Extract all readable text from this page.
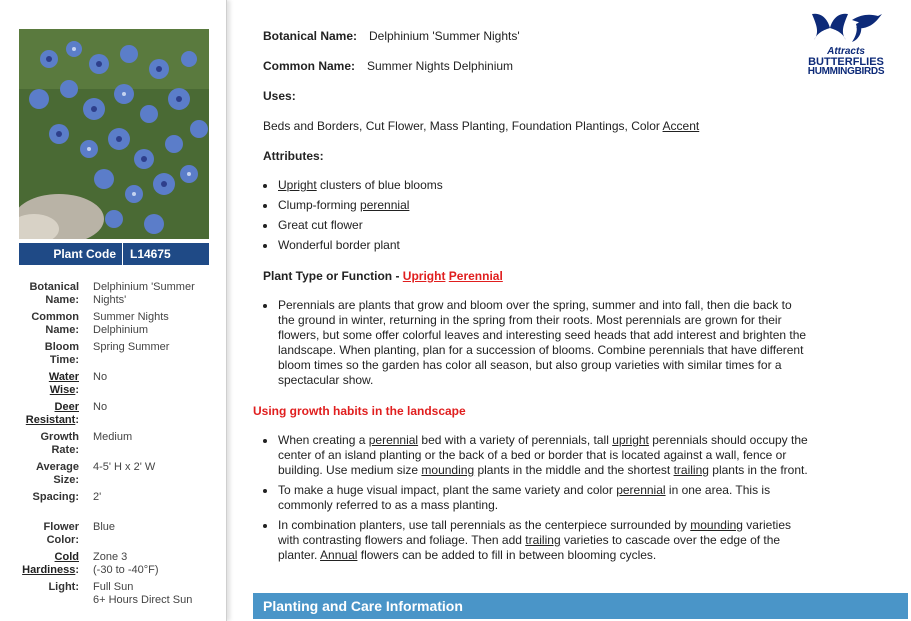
Plant Code	L14675
Botanical
Name:
Delphinium 'Summer
Nights'
Common
Name:
Summer Nights
Delphinium
Bloom
Time:
Spring Summer
Water
Wise:
No
Deer
Resistant:
No
Growth
Rate:
Medium
Average
Size:
4-5' H x 2' W
Spacing: 2'
Flower
Color:
Blue
Cold
Hardiness:
Zone 3
(-30 to -40°F)
Light: Full Sun
6+ Hours Direct Sun
Botanical Name: Delphinium 'Summer Nights'
Common Name: Summer Nights Delphinium
Uses:
Beds and Borders, Cut Flower, Mass Planting, Foundation Plantings, Color Accent
Attributes:
Upright clusters of blue blooms
Clump-forming perennial
Great cut flower
Wonderful border plant
Plant Type or Function - Upright Perennial
Perennials are plants that grow and bloom over the spring, summer and into fall, then die back to the ground in winter, returning in the spring from their roots. Most perennials are grown for their flowers, but some offer colorful leaves and interesting seed heads that add interest and brighten the landscape. When planting, plan for a succession of blooms. Combine perennials that have different bloom times so the garden has color all season, but also group varieties with similar times for a spectacular show.
Using growth habits in the landscape
When creating a perennial bed with a variety of perennials, tall upright perennials should occupy the center of an island planting or the back of a bed or border that is located against a wall, fence or building. Use medium size mounding plants in the middle and the shortest trailing plants in the front.
To make a huge visual impact, plant the same variety and color perennial in one area. This is commonly referred to as a mass planting.
In combination planters, use tall perennials as the centerpiece surrounded by mounding varieties with contrasting flowers and foliage. Then add trailing varieties to cascade over the edge of the planter. Annual flowers can be added to fill in between blooming cycles.
Planting and Care Information
Attracts
BUTTERFLIES
HUMMINGBIRDS
